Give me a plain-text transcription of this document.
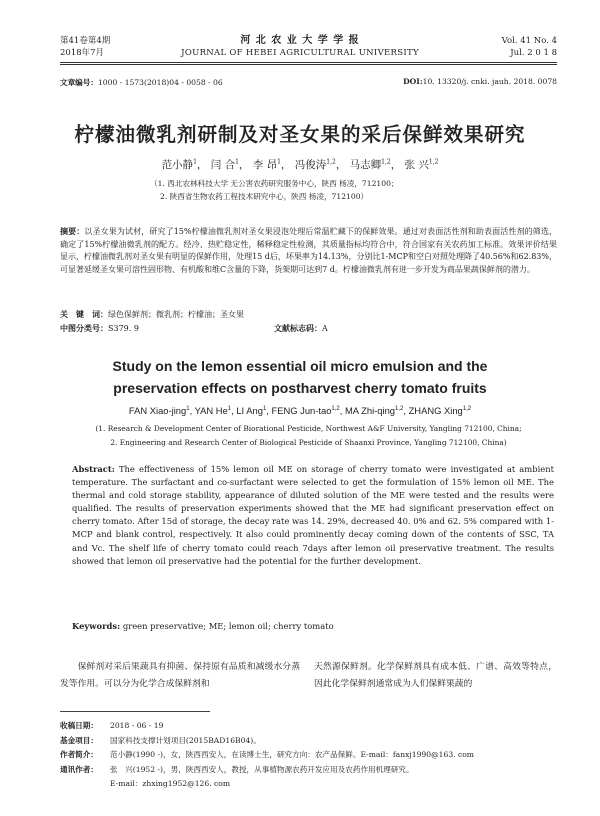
第41卷第4期
2018年7月
河 北 农 业 大 学 学 报
JOURNAL OF HEBEI AGRICULTURAL UNIVERSITY
Vol. 41 No. 4
Jul. 2 0 1 8
文章编号：1000 - 1573(2018)04 - 0058 - 06	DOI:10. 13320/j. cnki. jauh. 2018. 0078
柠檬油微乳剂研制及对圣女果的采后保鲜效果研究
范小静$^1$， 闫 合$^1$， 李 昂$^1$， 冯俊涛$^{1,2}$， 马志卿$^{1,2}$， 张 兴$^{1,2}$
（1. 西北农林科技大学 无公害农药研究服务中心，陕西 杨凌，712100；
2. 陕西省生物农药工程技术研究中心，陕西 杨凌，712100）
摘要：以圣女果为试材，研究了15%柠檬油微乳剂对圣女果浸泡处理后常温贮藏下的保鲜效果。通过对表面活性剂和助表面活性剂的筛选，确定了15%柠檬油微乳剂的配方。经冷、热贮稳定性，稀释稳定性检测，其质量指标均符合中，符合国家有关农药加工标准。效果评价结果显示，柠檬油微乳剂对圣女果有明显的保鲜作用，处理15 d后，坏果率为14.13%，分别比1-MCP和空白对照处理降了40.56%和62.83%，可显著延缓圣女果可溶性固形物、有机酸和维C含量的下降，货架期可达到7 d。柠檬油微乳剂有进一步开发为商品果蔬保鲜剂的潜力。
关　键　词：绿色保鲜剂；微乳剂；柠檬油；圣女果
中图分类号：S379. 9	文献标志码：A
Study on the lemon essential oil micro emulsion and the
preservation effects on postharvest cherry tomato fruits
FAN Xiao-jing$^1$, YAN He$^1$, LI Ang$^1$, FENG Jun-tao$^{1,2}$, MA Zhi-qing$^{1,2}$, ZHANG Xing$^{1,2}$
(1. Research & Development Center of Biorational Pesticide, Northwest A&F University, Yangling 712100, China;
2. Engineering and Research Center of Biological Pesticide of Shaanxi Province, Yangling 712100, China)
Abstract: The effectiveness of 15% lemon oil ME on storage of cherry tomato were investigated at ambient temperature. The surfactant and co-surfactant were selected to get the formulation of 15% lemon oil ME. The thermal and cold storage stability, appearance of diluted solution of the ME were tested and the results were qualified. The results of preservation experiments showed that the ME had significant preservation effect on cherry tomato. After 15d of storage, the decay rate was 14. 29%, decreased 40. 0% and 62. 5% compared with 1-MCP and blank control, respectively. It also could prominently decay coming down of the contents of SSC, TA and Vc. The shelf life of cherry tomato could reach 7days after lemon oil preservative treatment. The results showed that lemon oil preservative had the potential for the further development.
Keywords: green preservative; ME; lemon oil; cherry tomato
保鲜剂对采后果蔬具有抑菌、保持原有品质和减缓水分蒸发等作用。可以分为化学合成保鲜剂和
天然源保鲜剂。化学保鲜剂具有成本低、广谱、高效等特点，因此化学保鲜剂通常成为人们保鲜果蔬的
收稿日期： 2018 - 06 - 19
基金项目： 国家科技支撑计划项目(2015BAD16B04)。
作者简介： 范小静(1990 -)，女，陕西西安人，在读博士生，研究方向：农产品保鲜。E-mail：fanxj1990@163. com
通讯作者： 张　兴(1952 -)，男，陕西西安人，教授，从事植物源农药开发应用及农药作用机理研究。
E-mail：zhxing1952@126. com
